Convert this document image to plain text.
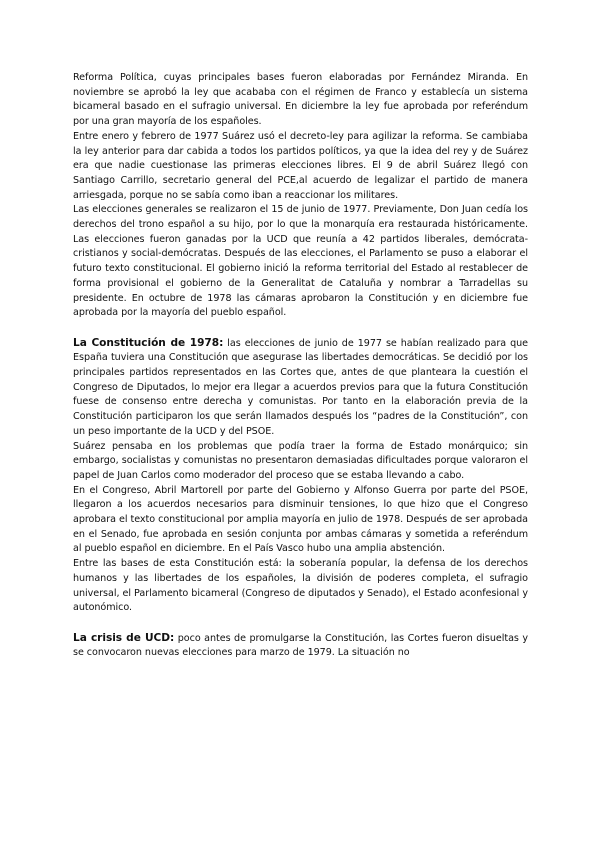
Reforma Política, cuyas principales bases fueron elaboradas por Fernández Miranda. En noviembre se aprobó la ley que acababa con el régimen de Franco y establecía un sistema bicameral basado en el sufragio universal. En diciembre la ley fue aprobada por referéndum por una gran mayoría de los españoles.

Entre enero y febrero de 1977 Suárez usó el decreto-ley para agilizar la reforma. Se cambiaba la ley anterior para dar cabida a todos los partidos políticos, ya que la idea del rey y de Suárez era que nadie cuestionase las primeras elecciones libres. El 9 de abril Suárez llegó con Santiago Carrillo, secretario general del PCE,al acuerdo de legalizar el partido de manera arriesgada, porque no se sabía como iban a reaccionar los militares.

Las elecciones generales se realizaron el 15 de junio de 1977. Previamente, Don Juan cedía los derechos del trono español a su hijo, por lo que la monarquía era restaurada históricamente. Las elecciones fueron ganadas por la UCD que reunía a 42 partidos liberales, demócrata-cristianos y social-demócratas. Después de las elecciones, el Parlamento se puso a elaborar el futuro texto constitucional. El gobierno inició la reforma territorial del Estado al restablecer de forma provisional el gobierno de la Generalitat de Cataluña y nombrar a Tarradellas su presidente. En octubre de 1978 las cámaras aprobaron la Constitución y en diciembre fue aprobada por la mayoría del pueblo español.

La Constitución de 1978: las elecciones de junio de 1977 se habían realizado para que España tuviera una Constitución que asegurase las libertades democráticas. Se decidió por los principales partidos representados en las Cortes que, antes de que planteara la cuestión el Congreso de Diputados, lo mejor era llegar a acuerdos previos para que la futura Constitución fuese de consenso entre derecha y comunistas. Por tanto en la elaboración previa de la Constitución participaron los que serán llamados después los “padres de la Constitución”, con un peso importante de la UCD y del PSOE.

Suárez pensaba en los problemas que podía traer la forma de Estado monárquico; sin embargo, socialistas y comunistas no presentaron demasiadas dificultades porque valoraron el papel de Juan Carlos como moderador del proceso que se estaba llevando a cabo.

En el Congreso, Abril Martorell por parte del Gobierno y Alfonso Guerra por parte del PSOE, llegaron a los acuerdos necesarios para disminuir tensiones, lo que hizo que el Congreso aprobara el texto constitucional por amplia mayoría en julio de 1978. Después de ser aprobada en el Senado, fue aprobada en sesión conjunta por ambas cámaras y sometida a referéndum al pueblo español en diciembre. En el País Vasco hubo una amplia abstención.

Entre las bases de esta Constitución está: la soberanía popular, la defensa de los derechos humanos y las libertades de los españoles, la división de poderes completa, el sufragio universal, el Parlamento bicameral (Congreso de diputados y Senado), el Estado aconfesional y autonómico.

La crisis de UCD: poco antes de promulgarse la Constitución, las Cortes fueron disueltas y se convocaron nuevas elecciones para marzo de 1979. La situación no
